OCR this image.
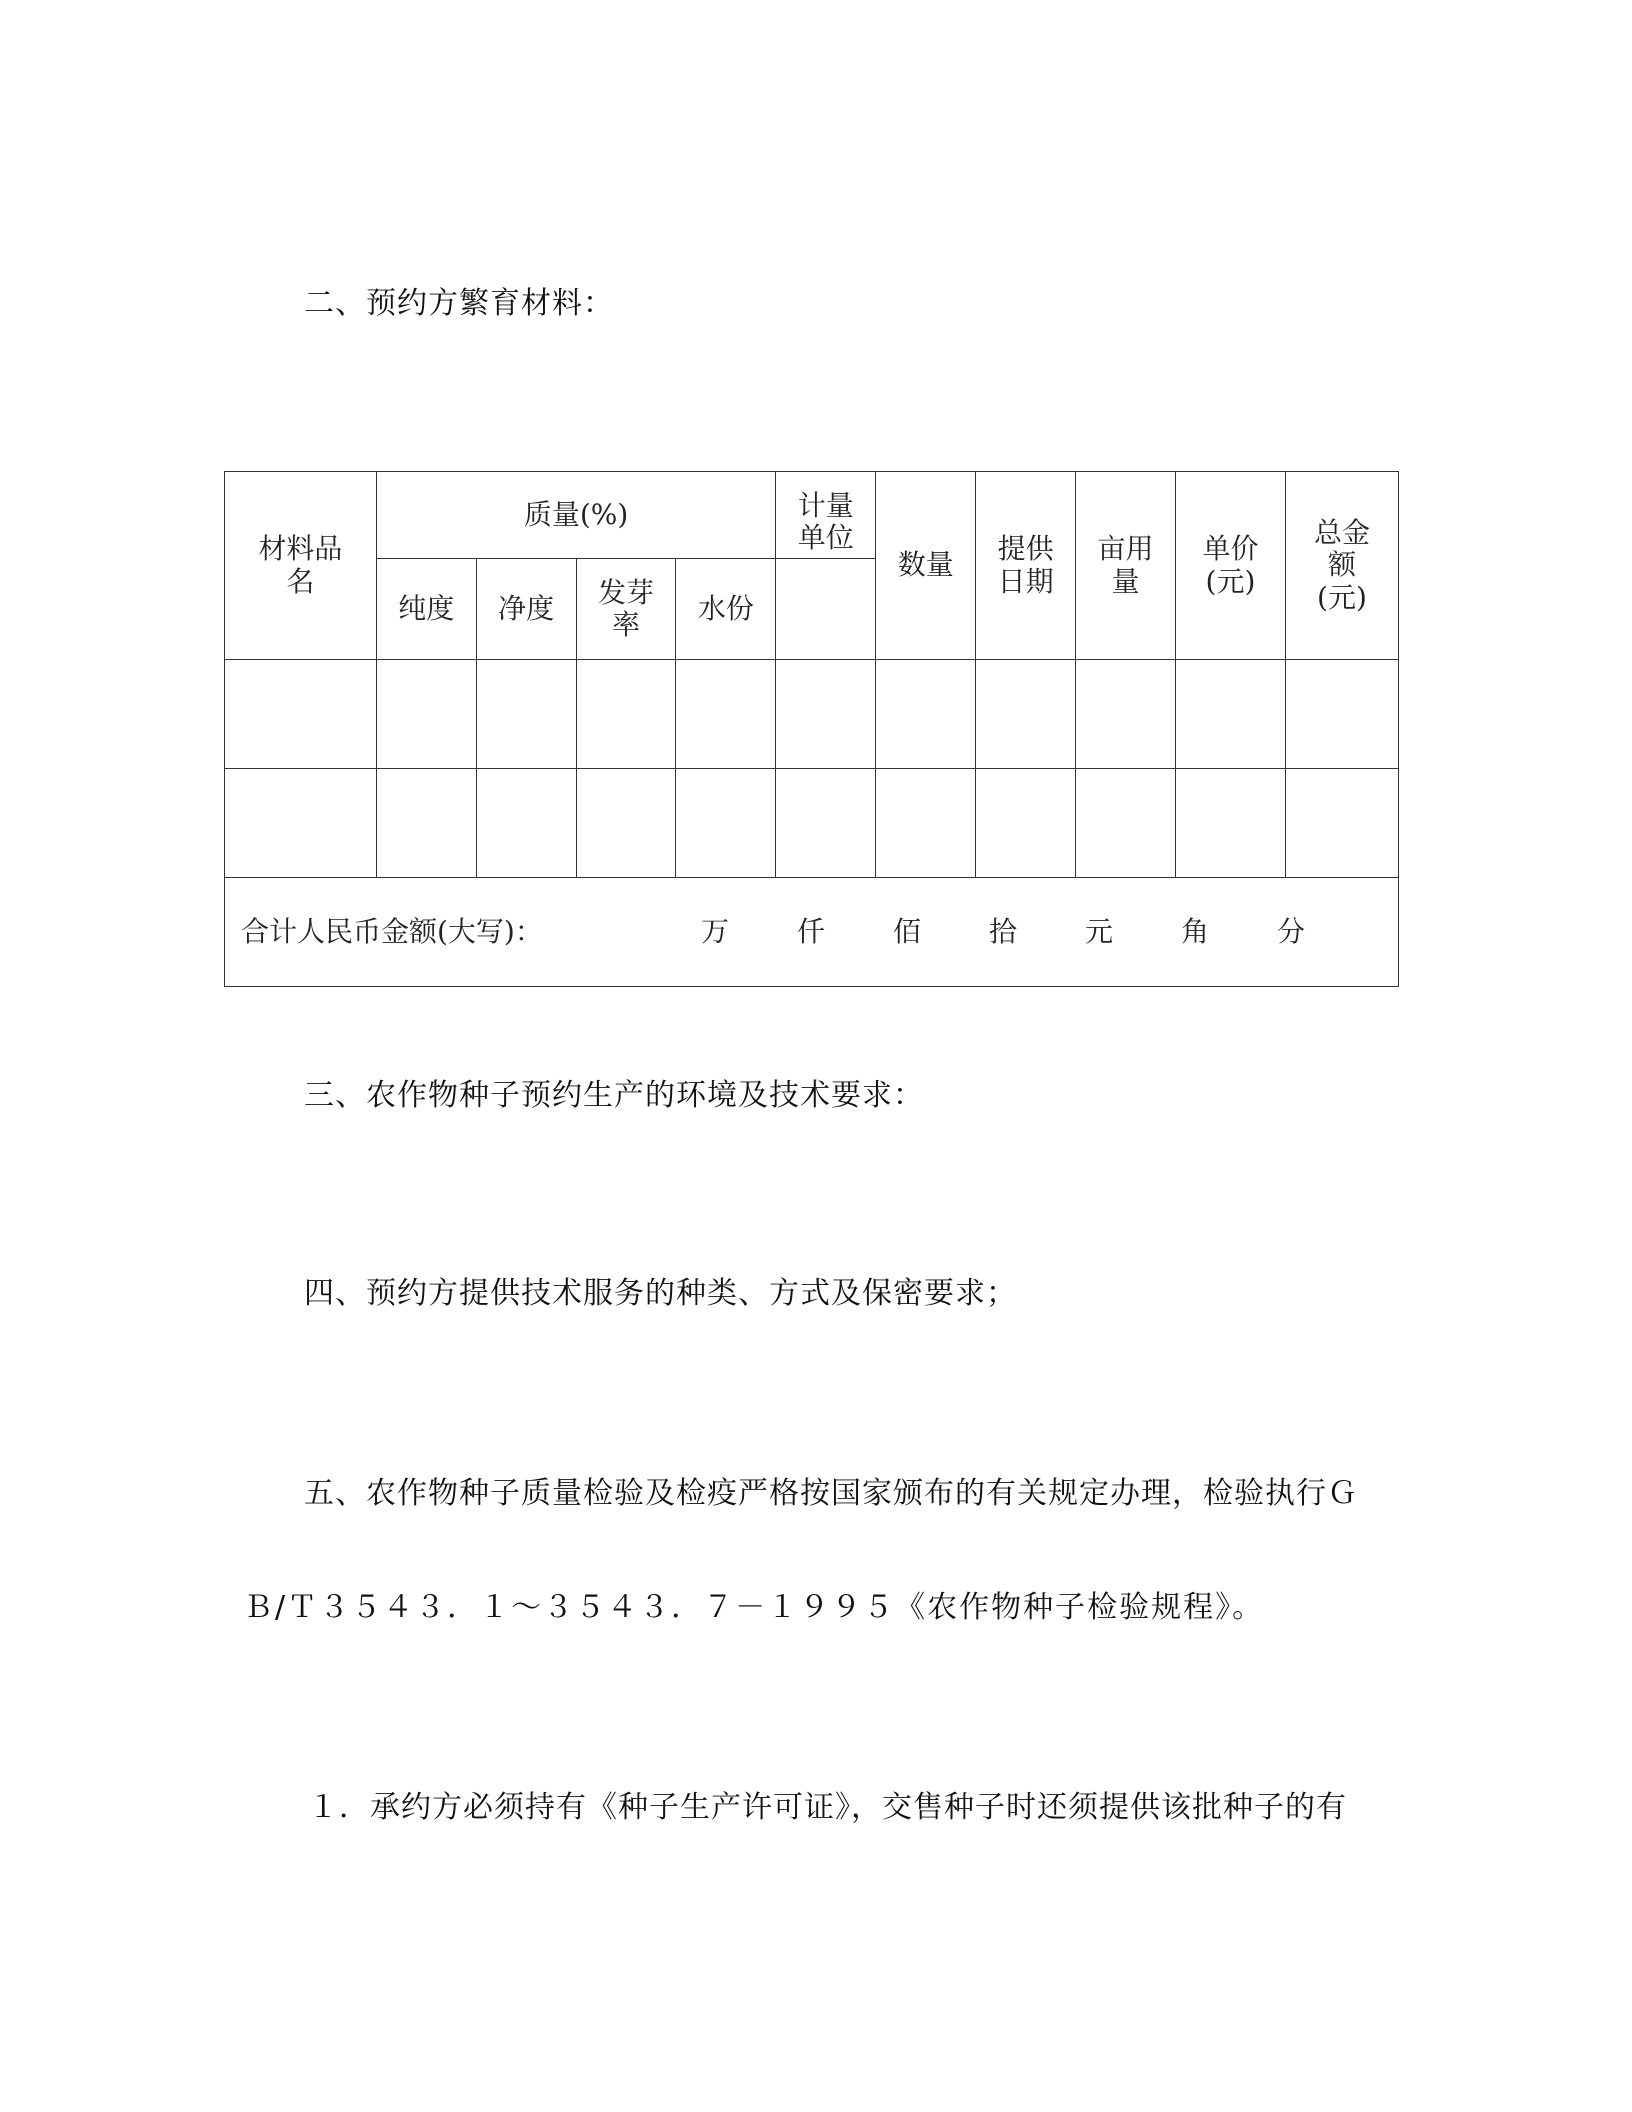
二、预约方繁育材料：
材料品名	质量(%)				计量单位	数量	提供日期	亩用量	单价(元)	总金额(元)
	纯度	净度	发芽率	水份						

合计人民币金额(大写)： 万 仟 佰 拾 元 角 分										
三、农作物种子预约生产的环境及技术要求：
四、预约方提供技术服务的种类、方式及保密要求；
五、农作物种子质量检验及检疫严格按国家颁布的有关规定办理，检验执行Ｇ
Ｂ/Ｔ３５４３．１～３５４３．７－１９９５《农作物种子检验规程》。
１．承约方必须持有《种子生产许可证》，交售种子时还须提供该批种子的有
